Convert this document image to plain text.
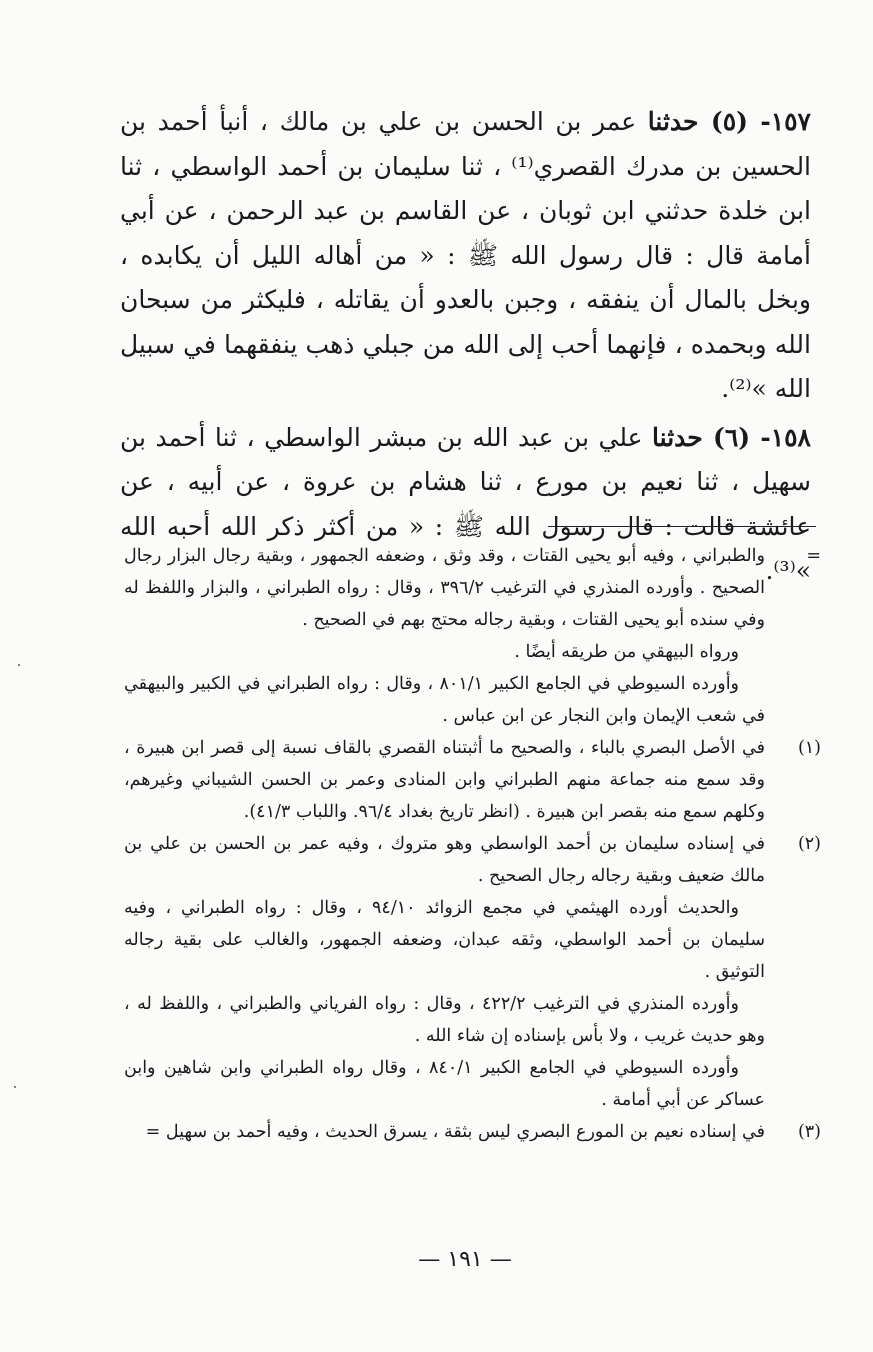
١٥٧- (٥) حدثنا عمر بن الحسن بن علي بن مالك ، أنبأ أحمد بن الحسين بن مدرك القصري⁽¹⁾ ، ثنا سليمان بن أحمد الواسطي ، ثنا ابن خلدة حدثني ابن ثوبان ، عن القاسم بن عبد الرحمن ، عن أبي أمامة قال : قال رسول الله ﷺ : « من أهاله الليل أن يكابده ، وبخل بالمال أن ينفقه ، وجبن بالعدو أن يقاتله ، فليكثر من سبحان الله وبحمده ، فإنهما أحب إلى الله من جبلي ذهب ينفقهما في سبيل الله »⁽²⁾.

١٥٨- (٦) حدثنا علي بن عبد الله بن مبشر الواسطي ، ثنا أحمد بن سهيل ، ثنا نعيم بن مورع ، ثنا هشام بن عروة ، عن أبيه ، عن عائشة قالت : قال رسول الله ﷺ : « من أكثر ذكر الله أحبه الله »⁽³⁾.

=

والطبراني ، وفيه أبو يحيى القتات ، وقد وثق ، وضعفه الجمهور ، وبقية رجال البزار رجال الصحيح . وأورده المنذري في الترغيب ٣٩٦/٢ ، وقال : رواه الطبراني ، والبزار واللفظ له وفي سنده أبو يحيى القتات ، وبقية رجاله محتج بهم في الصحيح .

ورواه البيهقي من طريقه أيضًا .

وأورده السيوطي في الجامع الكبير ٨٠١/١ ، وقال : رواه الطبراني في الكبير والبيهقي في شعب الإيمان وابن النجار عن ابن عباس .

(١)

في الأصل البصري بالباء ، والصحيح ما أثبتناه القصري بالقاف نسبة إلى قصر ابن هبيرة ، وقد سمع منه جماعة منهم الطبراني وابن المنادى وعمر بن الحسن الشيباني وغيرهم، وكلهم سمع منه بقصر ابن هبيرة . (انظر تاريخ بغداد ٩٦/٤. واللباب ٤١/٣).

(٢)

في إسناده سليمان بن أحمد الواسطي وهو متروك ، وفيه عمر بن الحسن بن علي بن مالك ضعيف وبقية رجاله رجال الصحيح .

والحديث أورده الهيثمي في مجمع الزوائد ٩٤/١٠ ، وقال : رواه الطبراني ، وفيه سليمان بن أحمد الواسطي، وثقه عبدان، وضعفه الجمهور، والغالب على بقية رجاله التوثيق .

وأورده المنذري في الترغيب ٤٢٢/٢ ، وقال : رواه الفرياني والطبراني ، واللفظ له ، وهو حديث غريب ، ولا بأس بإسناده إن شاء الله .

وأورده السيوطي في الجامع الكبير ٨٤٠/١ ، وقال رواه الطبراني وابن شاهين وابن عساكر عن أبي أمامة .

(٣)

في إسناده نعيم بن المورع البصري ليس بثقة ، يسرق الحديث ، وفيه أحمد بن سهيل =

— ١٩١ —
